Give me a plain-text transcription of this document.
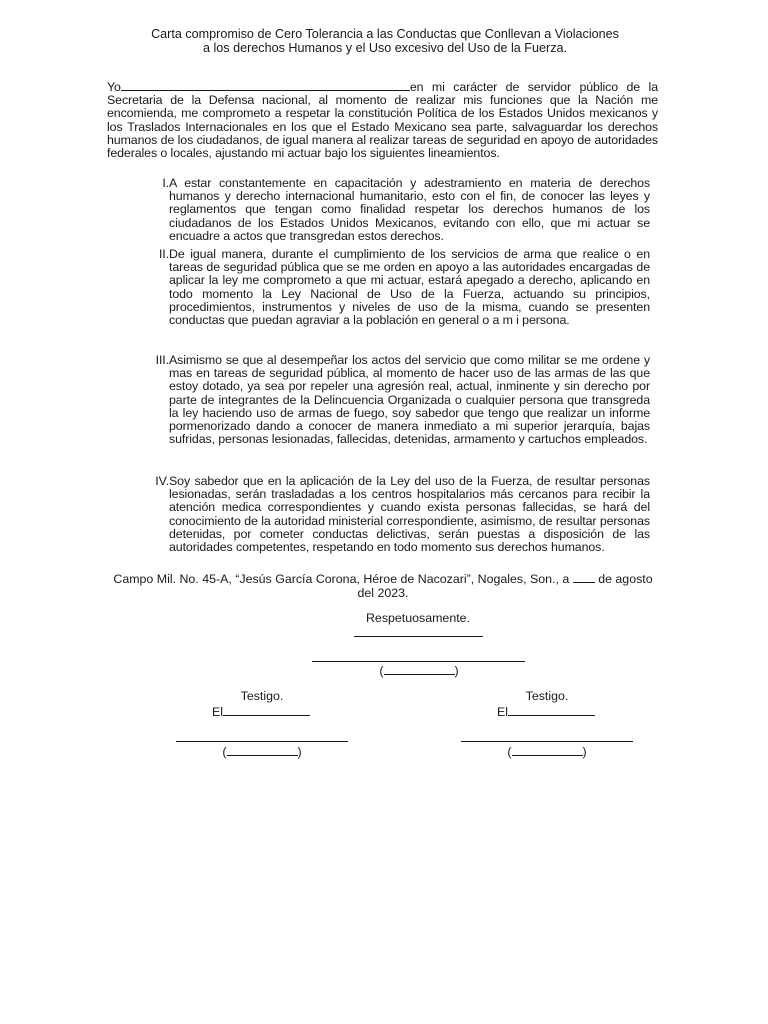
Carta compromiso de Cero Tolerancia a las Conductas que Conllevan a Violaciones
a los derechos Humanos y el Uso excesivo del Uso de la Fuerza.
Yo	en mi carácter de servidor público de la Secretaria de la Defensa nacional, al momento de realizar mis funciones que la Nación me encomienda, me comprometo a respetar la constitución Política de los Estados Unidos mexicanos y los Traslados Internacionales en los que el Estado Mexicano sea parte, salvaguardar los derechos humanos de los ciudadanos, de igual manera al realizar tareas de seguridad en apoyo de autoridades federales o locales, ajustando mi actuar bajo los siguientes lineamientos.
I. A estar constantemente en capacitación y adestramiento en materia de derechos humanos y derecho internacional humanitario, esto con el fin, de conocer las leyes y reglamentos que tengan como finalidad respetar los derechos humanos de los ciudadanos de los Estados Unidos Mexicanos, evitando con ello, que mi actuar se encuadre a actos que transgredan estos derechos.
II. De igual manera, durante el cumplimiento de los servicios de arma que realice o en tareas de seguridad pública que se me orden en apoyo a las autoridades encargadas de aplicar la ley me comprometo a que mi actuar, estará apegado a derecho, aplicando en todo momento la Ley Nacional de Uso de la Fuerza, actuando su principios, procedimientos, instrumentos y niveles de uso de la misma, cuando se presenten conductas que puedan agraviar a la población en general o a m i persona.
III. Asimismo se que al desempeñar los actos del servicio que como militar se me ordene y mas en tareas de seguridad pública, al momento de hacer uso de las armas de las que estoy dotado, ya sea por repeler una agresión real, actual, inminente y sin derecho por parte de integrantes de la Delincuencia Organizada o cualquier persona que transgreda la ley haciendo uso de armas de fuego, soy sabedor que tengo que realizar un informe pormenorizado dando a conocer de manera inmediato a mi superior jerarquía, bajas sufridas, personas lesionadas, fallecidas, detenidas, armamento y cartuchos empleados.
IV. Soy sabedor que en la aplicación de la Ley del uso de la Fuerza, de resultar personas lesionadas, serán trasladadas a los centros hospitalarios más cercanos para recibir la atención medica correspondientes y cuando exista personas fallecidas, se hará del conocimiento de la autoridad ministerial correspondiente, asimismo, de resultar personas detenidas, por cometer conductas delictivas, serán puestas a disposición de las autoridades competentes, respetando en todo momento sus derechos humanos.
Campo Mil. No. 45-A, “Jesús García Corona, Héroe de Nacozari”, Nogales, Son., a de agosto
del 2023.
Respetuosamente.
(	)
Testigo.
El
(	)
Testigo.
El
(	)
